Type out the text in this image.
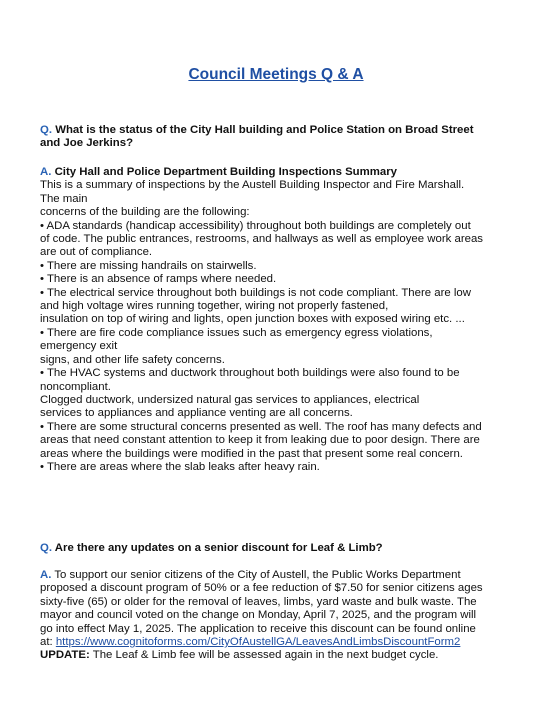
Council Meetings Q & A
Q. What is the status of the City Hall building and Police Station on Broad Street
and Joe Jerkins?
A. City Hall and Police Department Building Inspections Summary
This is a summary of inspections by the Austell Building Inspector and Fire Marshall.
The main
concerns of the building are the following:
• ADA standards (handicap accessibility) throughout both buildings are completely out
of code. The public entrances, restrooms, and hallways as well as employee work areas
are out of compliance.
• There are missing handrails on stairwells.
• There is an absence of ramps where needed.
• The electrical service throughout both buildings is not code compliant. There are low
and high voltage wires running together, wiring not properly fastened,
insulation on top of wiring and lights, open junction boxes with exposed wiring etc. ...
• There are fire code compliance issues such as emergency egress violations,
emergency exit
signs, and other life safety concerns.
• The HVAC systems and ductwork throughout both buildings were also found to be
noncompliant.
Clogged ductwork, undersized natural gas services to appliances, electrical
services to appliances and appliance venting are all concerns.
• There are some structural concerns presented as well. The roof has many defects and
areas that need constant attention to keep it from leaking due to poor design. There are
areas where the buildings were modified in the past that present some real concern.
• There are areas where the slab leaks after heavy rain.
Q. Are there any updates on a senior discount for Leaf & Limb?
A. To support our senior citizens of the City of Austell, the Public Works Department
proposed a discount program of 50% or a fee reduction of $7.50 for senior citizens ages
sixty-five (65) or older for the removal of leaves, limbs, yard waste and bulk waste. The
mayor and council voted on the change on Monday, April 7, 2025, and the program will
go into effect May 1, 2025. The application to receive this discount can be found online
at: https://www.cognitoforms.com/CityOfAustellGA/LeavesAndLimbsDiscountForm2
UPDATE: The Leaf & Limb fee will be assessed again in the next budget cycle.
